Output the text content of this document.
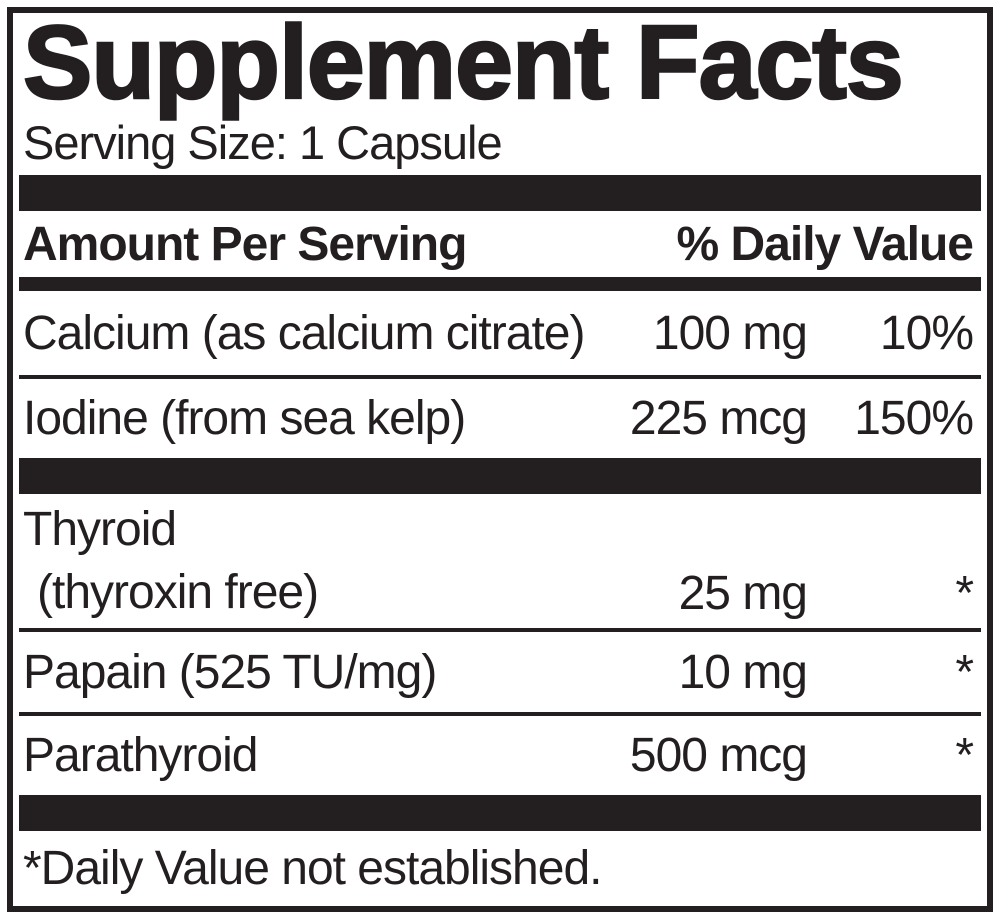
Supplement Facts
Serving Size: 1 Capsule
Amount Per Serving	% Daily Value
Calcium (as calcium citrate)	100 mg	10%
Iodine (from sea kelp)	225 mcg 150%
Thyroid
(thyroxin free)	25 mg	*
Papain (525 TU/mg)	10 mg	*
Parathyroid	500 mcg	*
*Daily Value not established.
